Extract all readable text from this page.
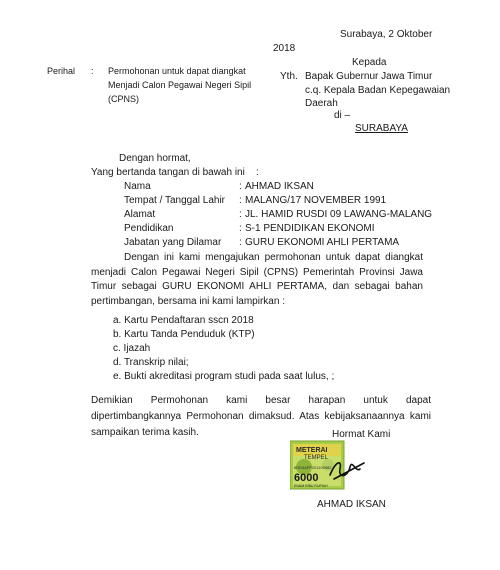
Surabaya, 2 Oktober
2018
Perihal : Permohonan untuk dapat diangkat
Menjadi Calon Pegawai Negeri Sipil
(CPNS)
Kepada
Yth. Bapak Gubernur Jawa Timur
c.q. Kepala Badan Kepegawaian
Daerah
di –
SURABAYA
Dengan hormat,
Yang bertanda tangan di bawah ini :
Nama	: AHMAD IKSAN
Tempat / Tanggal Lahir : MALANG/17 NOVEMBER 1991
Alamat	: JL. HAMID RUSDI 09 LAWANG-MALANG
Pendidikan	: S-1 PENDIDIKAN EKONOMI
Jabatan yang Dilamar : GURU EKONOMI AHLI PERTAMA
Dengan ini kami mengajukan permohonan untuk dapat diangkat menjadi Calon Pegawai Negeri Sipil (CPNS) Pemerintah Provinsi Jawa Timur sebagai GURU EKONOMI AHLI PERTAMA, dan sebagai bahan pertimbangan, bersama ini kami lampirkan :
a. Kartu Pendaftaran sscn 2018
b. Kartu Tanda Penduduk (KTP)
c. Ijazah
d. Transkrip nilai;
e. Bukti akreditasi program studi pada saat lulus, ;
Demikian Permohonan kami besar harapan untuk dapat dipertimbangkannya Permohonan dimaksud. Atas kebijaksanaannya kami sampaikan terima kasih.	Hormat Kami
METERAI
TEMPEL
8DD4AFF201109982
6000
ENAM RIBU RUPIAH
AHMAD IKSAN
